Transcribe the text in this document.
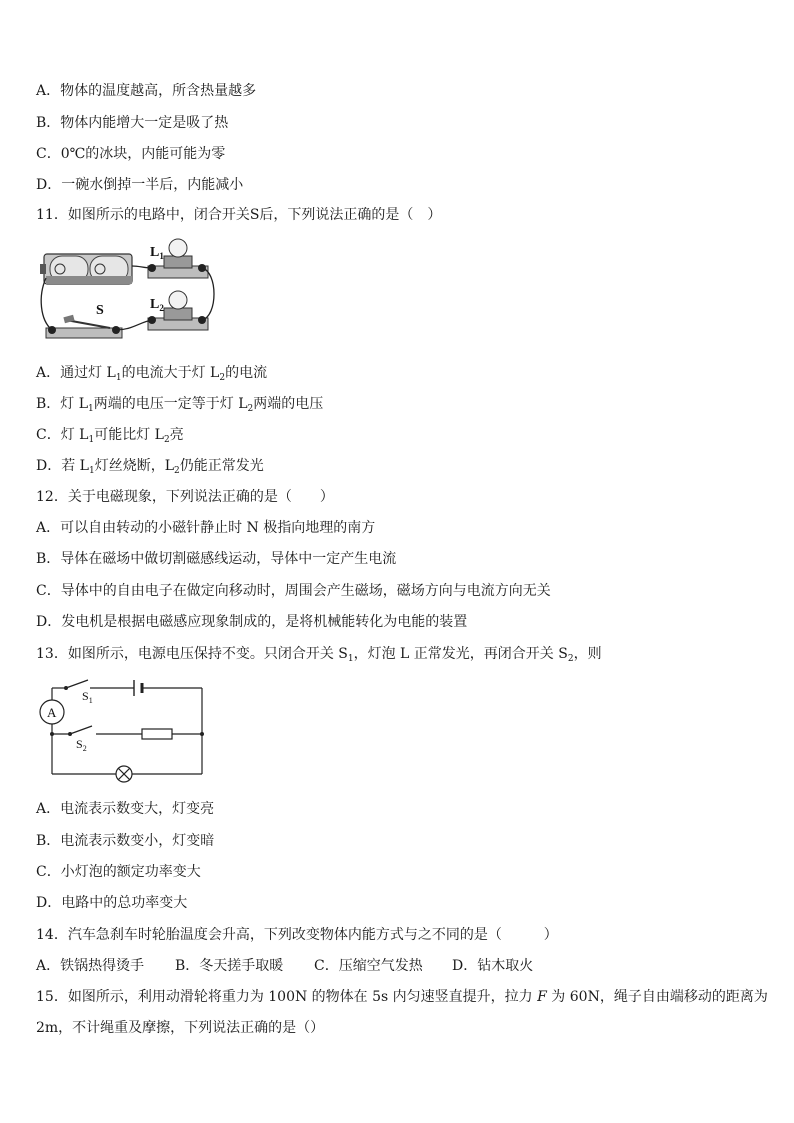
A．物体的温度越高，所含热量越多
B．物体内能增大一定是吸了热
C．0℃的冰块，内能可能为零
D．一碗水倒掉一半后，内能减小
11．如图所示的电路中，闭合开关S后，下列说法正确的是（　）
$L_1$
$L_2$
S
A．通过灯 $L_1$的电流大于灯 $L_2$的电流
B．灯 $L_1$两端的电压一定等于灯 $L_2$两端的电压
C．灯 $L_1$可能比灯 $L_2$亮
D．若 $L_1$灯丝烧断，$L_2$仍能正常发光
12．关于电磁现象，下列说法正确的是（　　）
A．可以自由转动的小磁针静止时 N 极指向地理的南方
B．导体在磁场中做切割磁感线运动，导体中一定产生电流
C．导体中的自由电子在做定向移动时，周围会产生磁场，磁场方向与电流方向无关
D．发电机是根据电磁感应现象制成的，是将机械能转化为电能的装置
13．如图所示，电源电压保持不变。只闭合开关 $S_1$，灯泡 L 正常发光，再闭合开关 $S_2$，则
A
$S_1$
$S_2$
A．电流表示数变大，灯变亮
B．电流表示数变小，灯变暗
C．小灯泡的额定功率变大
D．电路中的总功率变大
14．汽车急刹车时轮胎温度会升高，下列改变物体内能方式与之不同的是（　　　）
A．铁锅热得烫手 B．冬天搓手取暖 C．压缩空气发热 D．钻木取火
15．如图所示，利用动滑轮将重力为 100N 的物体在 5s 内匀速竖直提升，拉力 F 为 60N，绳子自由端移动的距离为
2m，不计绳重及摩擦，下列说法正确的是（）
